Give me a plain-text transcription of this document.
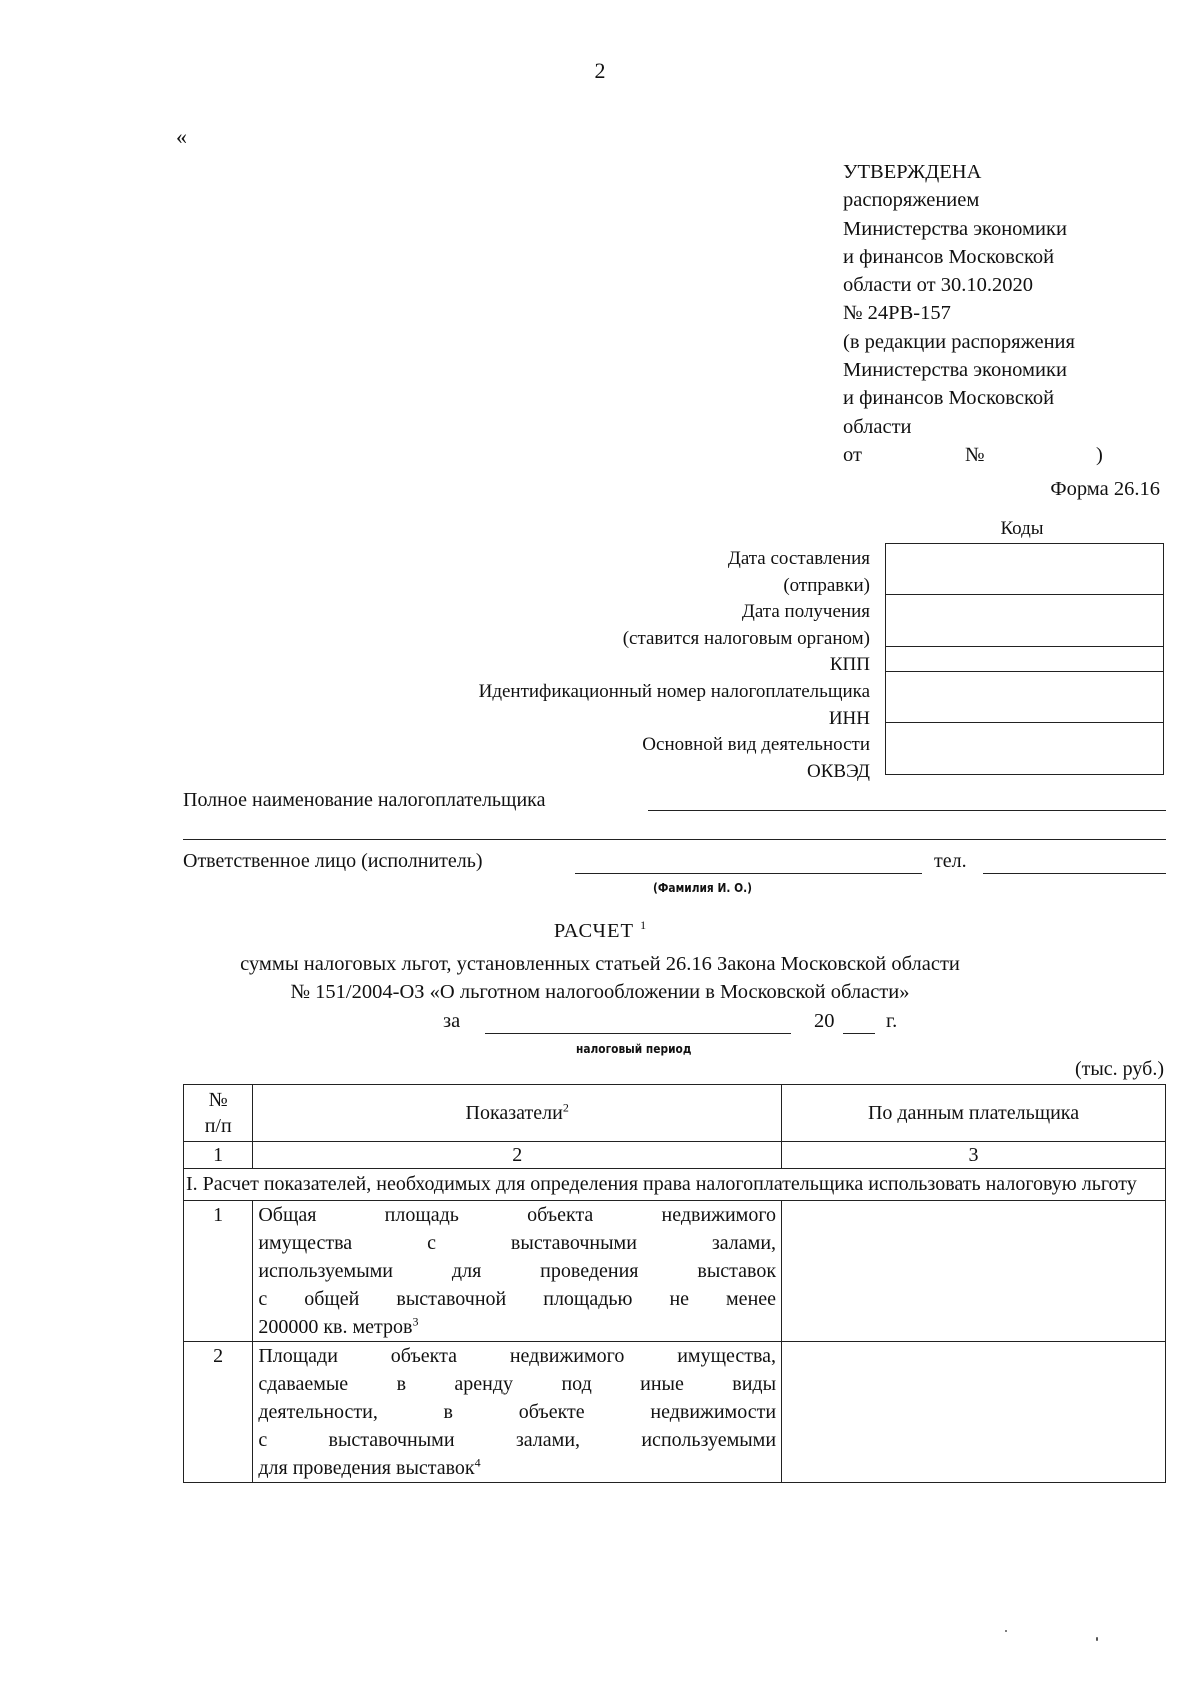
2
«
УТВЕРЖДЕНА
распоряжением
Министерства экономики
и финансов Московской
области от 30.10.2020
№ 24РВ-157
(в редакции распоряжения
Министерства экономики
и финансов Московской
области
от	№	)
Форма 26.16
Коды

Дата составления
(отправки)
Дата получения
(ставится налоговым органом)
КПП
Идентификационный номер налогоплательщика
ИНН
Основной вид деятельности
ОКВЭД
Полное наименование налогоплательщика
Ответственное лицо (исполнитель)
(Фамилия И. О.)
тел.
РАСЧЕТ $^1$
суммы налоговых льгот, установленных статьей 26.16 Закона Московской области
№ 151/2004-ОЗ «О льготном налогообложении в Московской области»
за
налоговый период
20	г.
(тыс. руб.)
№
п/п	Показатели$^2$	По данным плательщика
1	2	3
I. Расчет показателей, необходимых для определения права налогоплательщика использовать налоговую льготу		
1	Общая площадь объекта недвижимого
имущества с выставочными залами,
используемыми для проведения выставок
с общей выставочной площадью не менее
200000 кв. метров$^3$

2	Площади объекта недвижимого имущества,
сдаваемые в аренду под иные виды
деятельности, в объекте недвижимости
с выставочными залами, используемыми
для проведения выставок$^4$
